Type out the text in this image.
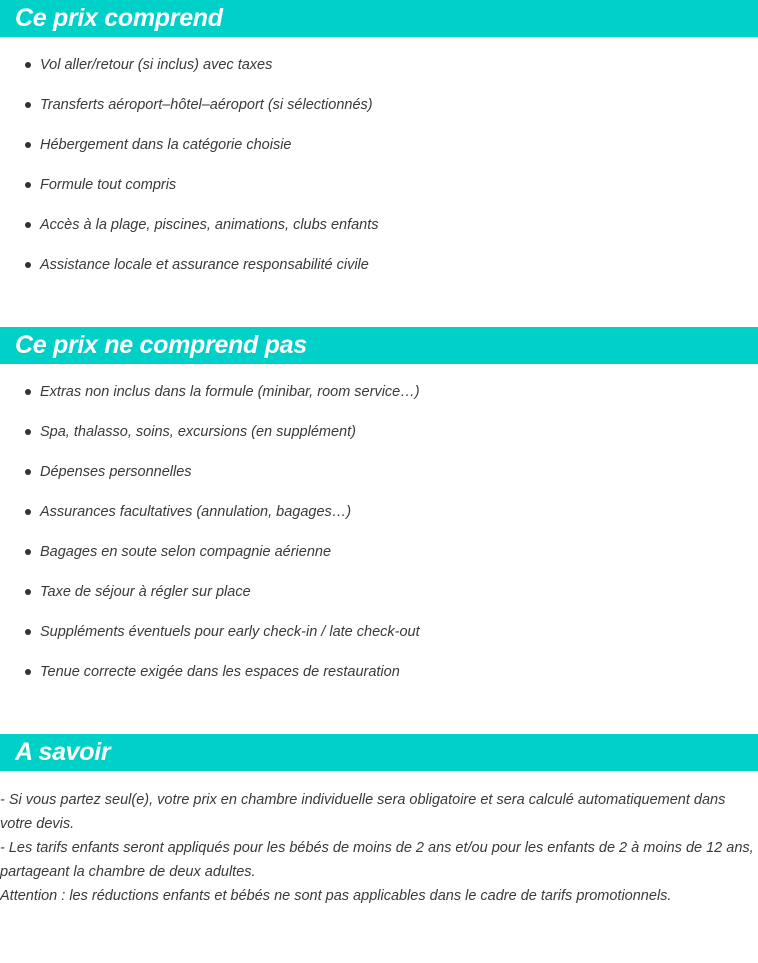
Ce prix comprend
Vol aller/retour (si inclus) avec taxes
Transferts aéroport–hôtel–aéroport (si sélectionnés)
Hébergement dans la catégorie choisie
Formule tout compris
Accès à la plage, piscines, animations, clubs enfants
Assistance locale et assurance responsabilité civile
Ce prix ne comprend pas
Extras non inclus dans la formule (minibar, room service…)
Spa, thalasso, soins, excursions (en supplément)
Dépenses personnelles
Assurances facultatives (annulation, bagages…)
Bagages en soute selon compagnie aérienne
Taxe de séjour à régler sur place
Suppléments éventuels pour early check-in / late check-out
Tenue correcte exigée dans les espaces de restauration
A savoir

- Si vous partez seul(e), votre prix en chambre individuelle sera obligatoire et sera calculé automatiquement dans votre devis.

- Les tarifs enfants seront appliqués pour les bébés de moins de 2 ans et/ou pour les enfants de 2 à moins de 12 ans, partageant la chambre de deux adultes.

Attention : les réductions enfants et bébés ne sont pas applicables dans le cadre de tarifs promotionnels.
